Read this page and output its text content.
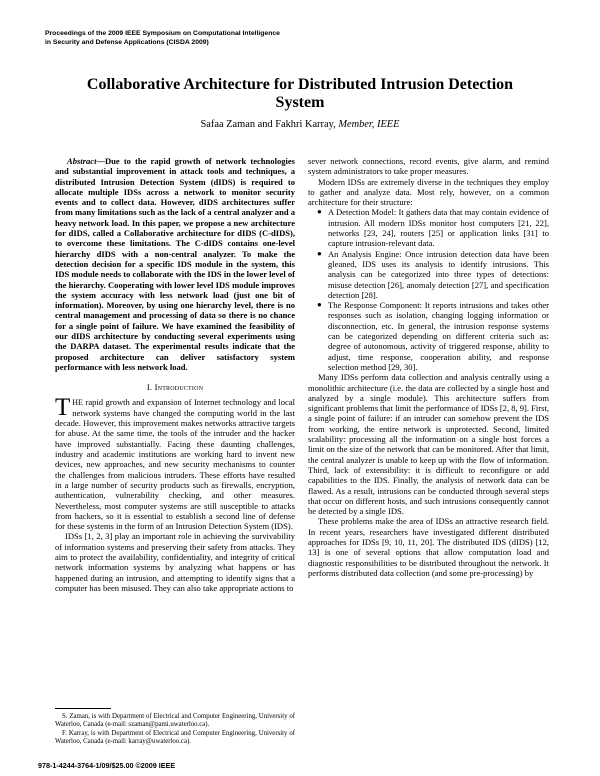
Proceedings of the 2009 IEEE Symposium on Computational Intelligence
in Security and Defense Applications (CISDA 2009)
Collaborative Architecture for Distributed Intrusion Detection
System
Safaa Zaman and Fakhri Karray, Member, IEEE

Abstract—Due to the rapid growth of network technologies and substantial improvement in attack tools and techniques, a distributed Intrusion Detection System (dIDS) is required to allocate multiple IDSs across a network to monitor security events and to collect data. However, dIDS architectures suffer from many limitations such as the lack of a central analyzer and a heavy network load. In this paper, we propose a new architecture for dIDS, called a Collaborative architecture for dIDS (C-dIDS), to overcome these limitations. The C-dIDS contains one-level hierarchy dIDS with a non-central analyzer. To make the detection decision for a specific IDS module in the system, this IDS module needs to collaborate with the IDS in the lower level of the hierarchy. Cooperating with lower level IDS module improves the system accuracy with less network load (just one bit of information). Moreover, by using one hierarchy level, there is no central management and processing of data so there is no chance for a single point of failure. We have examined the feasibility of our dIDS architecture by conducting several experiments using the DARPA dataset. The experimental results indicate that the proposed architecture can deliver satisfactory system performance with less network load.

I. Introduction

THE rapid growth and expansion of Internet technology and local network systems have changed the computing world in the last decade. However, this improvement makes networks attractive targets for abuse. At the same time, the tools of the intruder and the hacker have improved substantially. Facing these daunting challenges, industry and academic institutions are working hard to invent new devices, new approaches, and new security mechanisms to counter the challenges from malicious intruders. These efforts have resulted in a large number of security products such as firewalls, encryption, authentication, vulnerability checking, and other measures. Nevertheless, most computer systems are still susceptible to attacks from hackers, so it is essential to establish a second line of defense for these systems in the form of an Intrusion Detection System (IDS).

IDSs [1, 2, 3] play an important role in achieving the survivability of information systems and preserving their safety from attacks. They aim to protect the availability, confidentiality, and integrity of critical network information systems by analyzing what happens or has happened during an intrusion, and attempting to identify signs that a computer has been misused. They can also take appropriate actions to

sever network connections, record events, give alarm, and remind system administrators to take proper measures.

Modern IDSs are extremely diverse in the techniques they employ to gather and analyze data. Most rely, however, on a common architecture for their structure:

● A Detection Model: It gathers data that may contain evidence of intrusion. All modern IDSs monitor host computers [21, 22], networks [23, 24], routers [25] or application links [31] to capture intrusion-relevant data.
● An Analysis Engine: Once intrusion detection data have been gleaned, IDS uses its analysis to identify intrusions. This analysis can be categorized into three types of detections: misuse detection [26], anomaly detection [27], and specification detection [28].
● The Response Component: It reports intrusions and takes other responses such as isolation, changing logging information or disconnection, etc. In general, the intrusion response systems can be categorized depending on different criteria such as: degree of autonomous, activity of triggered response, ability to adjust, time response, cooperation ability, and response selection method [29, 30].

Many IDSs perform data collection and analysis centrally using a monolithic architecture (i.e. the data are collected by a single host and analyzed by a single module). This architecture suffers from significant problems that limit the performance of IDSs [2, 8, 9]. First, a single point of failure: if an intruder can somehow prevent the IDS from working, the entire network is unprotected. Second, limited scalability: processing all the information on a single host forces a limit on the size of the network that can be monitored. After that limit, the central analyzer is unable to keep up with the flow of information. Third, lack of extensibility: it is difficult to reconfigure or add capabilities to the IDS. Finally, the analysis of network data can be flawed. As a result, intrusions can be conducted through several steps that occur on different hosts, and such intrusions consequently cannot be detected by a single IDS.

These problems make the area of IDSs an attractive research field. In recent years, researchers have investigated different distributed approaches for IDSs [9, 10, 11, 20]. The distributed IDS (dIDS) [12, 13] is one of several options that allow computation load and diagnostic responsibilities to be distributed throughout the network. It performs distributed data collection (and some pre-processing) by

S. Zaman, is with Department of Electrical and Computer Engineering, University of Waterloo, Canada (e-mail: szaman@pami.uwaterloo.ca).
F. Karray, is with Department of Electrical and Computer Engineering, University of Waterloo, Canada (e-mail: karray@uwaterloo.ca).
978-1-4244-3764-1/09/$25.00 ©2009 IEEE
